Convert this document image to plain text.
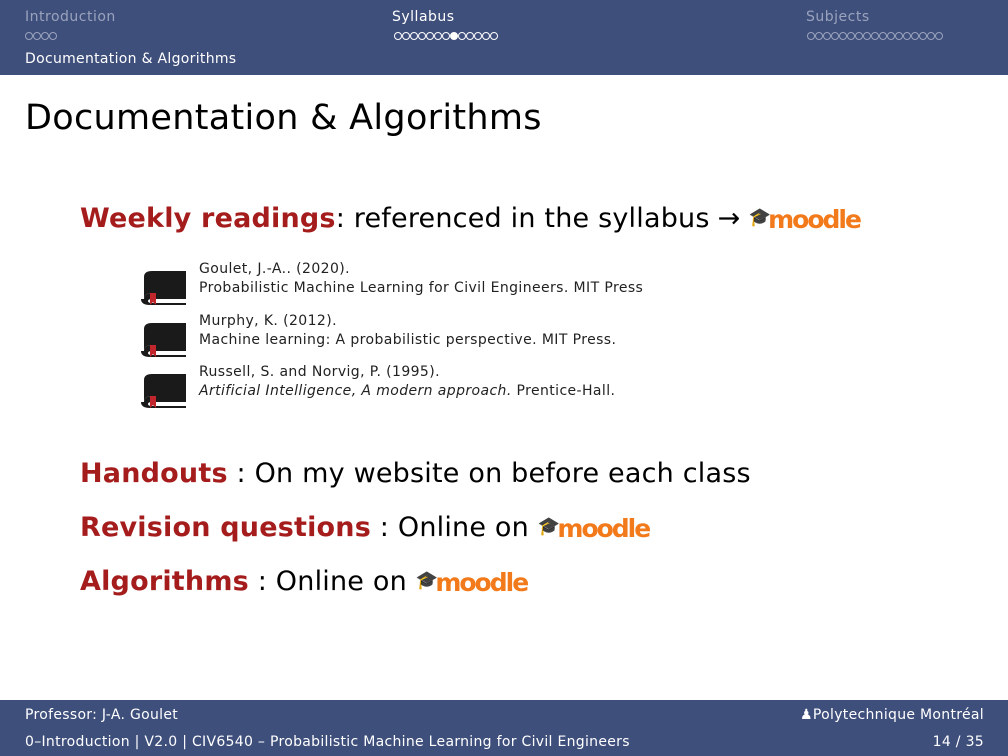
Introduction	Syllabus	Subjects
Documentation & Algorithms
Documentation & Algorithms
Weekly readings: referenced in the syllabus → 🎓
moodle
Goulet, J.-A.. (2020).
Probabilistic Machine Learning for Civil Engineers. MIT Press
Murphy, K. (2012).
Machine learning: A probabilistic perspective. MIT Press.
Russell, S. and Norvig, P. (1995).
Artificial Intelligence, A modern approach. Prentice-Hall.
Handouts : On my website on before each class
Revision questions : Online on 🎓
moodle
Algorithms : Online on 🎓
moodle
Professor: J-A. Goulet	♟Polytechnique Montréal
0–Introduction | V2.0 | CIV6540 – Probabilistic Machine Learning for Civil Engineers	14 / 35
